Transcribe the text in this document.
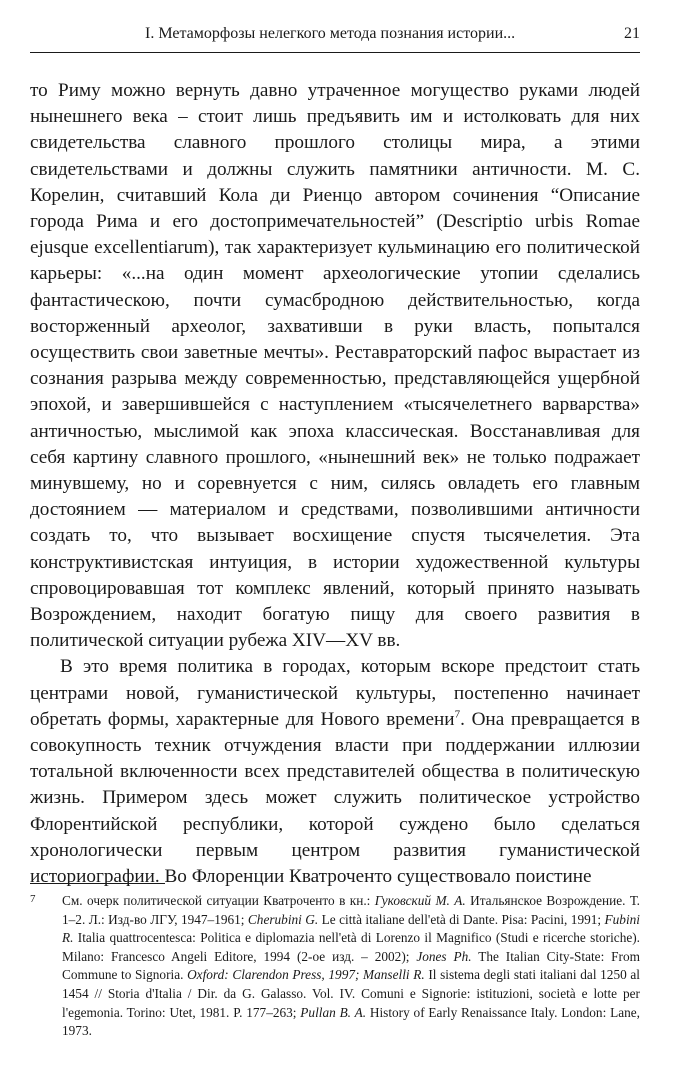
I. Метаморфозы нелегкого метода познания истории...	21

то Риму можно вернуть давно утраченное могущество руками людей нынешнего века – стоит лишь предъявить им и истолковать для них свидетельства славного прошлого столицы мира, а этими свидетельствами и должны служить памятники античности. М. С. Корелин, считавший Кола ди Риенцо автором сочинения “Описание города Рима и его достопримечательностей” (Descriptio urbis Romae ejusque excellentiarum), так характеризует кульминацию его политической карьеры: «...на один момент археологические утопии сделались фантастическою, почти сумасбродною действительностью, когда восторженный археолог, захвативши в руки власть, попытался осуществить свои заветные мечты». Реставраторский пафос вырастает из сознания разрыва между современностью, представляющейся ущербной эпохой, и завершившейся с наступлением «тысячелетнего варварства» античностью, мыслимой как эпоха классическая. Восстанавливая для себя картину славного прошлого, «нынешний век» не только подражает минувшему, но и соревнуется с ним, силясь овладеть его главным достоянием — материалом и средствами, позволившими античности создать то, что вызывает восхищение спустя тысячелетия. Эта конструктивистская интуиция, в истории художественной культуры спровоцировавшая тот комплекс явлений, который принято называть Возрождением, находит богатую пищу для своего развития в политической ситуации рубежа XIV—XV вв.

В это время политика в городах, которым вскоре предстоит стать центрами новой, гуманистической культуры, постепенно начинает обретать формы, характерные для Нового времени$^7$. Она превращается в совокупность техник отчуждения власти при поддержании иллюзии тотальной включенности всех представителей общества в политическую жизнь. Примером здесь может служить политическое устройство Флорентийской республики, которой суждено было сделаться хронологически первым центром развития гуманистической историографии. Во Флоренции Кватроченто существовало поистине

7 См. очерк политической ситуации Кватроченто в кн.: Гуковский М. А. Итальянское Возрождение. Т. 1–2. Л.: Изд-во ЛГУ, 1947–1961; Cherubini G. Le città italiane dell'età di Dante. Pisa: Pacini, 1991; Fubini R. Italia quattrocentesca: Politica e diplomazia nell'età di Lorenzo il Magnifico (Studi e ricerche storiche). Milano: Francesco Angeli Editore, 1994 (2-ое изд. – 2002); Jones Ph. The Italian City-State: From Commune to Signoria. Oxford: Clarendon Press, 1997; Manselli R. Il sistema degli stati italiani dal 1250 al 1454 // Storia d'Italia / Dir. da G. Galasso. Vol. IV. Comuni e Signorie: istituzioni, società e lotte per l'egemonia. Torino: Utet, 1981. P. 177–263; Pullan B. A. History of Early Renaissance Italy. London: Lane, 1973.
